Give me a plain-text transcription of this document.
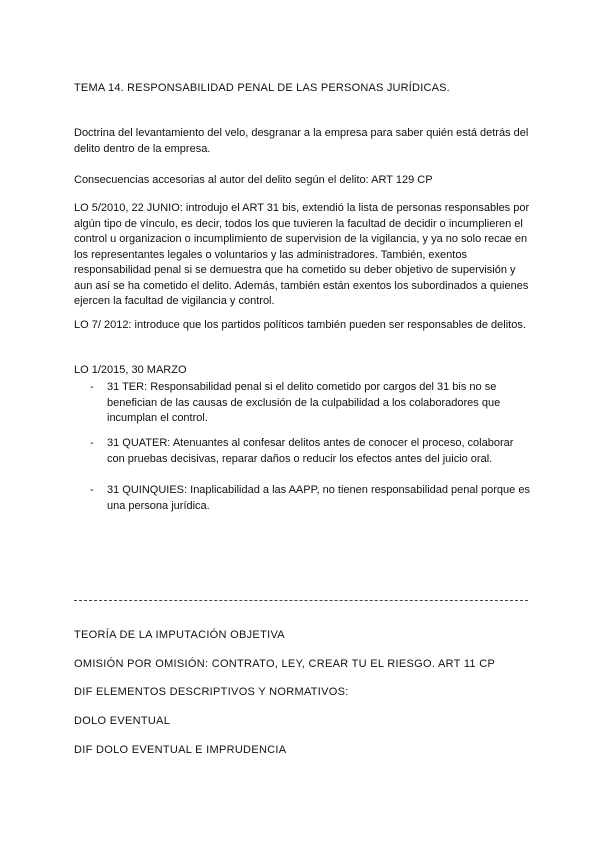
TEMA 14. RESPONSABILIDAD PENAL DE LAS PERSONAS JURÍDICAS.

Doctrina del levantamiento del velo, desgranar a la empresa para saber quién está detrás del delito dentro de la empresa.

Consecuencias accesorias al autor del delito según el delito: ART 129 CP

LO 5/2010, 22 JUNIO: introdujo el ART 31 bis, extendió la lista de personas responsables por algún tipo de vínculo, es decir, todos los que tuvieren la facultad de decidir o incumplieren el control u organizacion o incumplimiento de supervision de la vigilancia, y ya no solo recae en los representantes legales o voluntarios y las administradores. También, exentos responsabilidad penal si se demuestra que ha cometido su deber objetivo de supervisión y aun así se ha cometido el delito. Además, también están exentos los subordinados a quienes ejercen la facultad de vigilancia y control.

LO 7/ 2012: introduce que los partidos políticos también pueden ser responsables de delitos.

LO 1/2015, 30 MARZO

- 31 TER: Responsabilidad penal si el delito cometido por cargos del 31 bis no se benefician de las causas de exclusión de la culpabilidad a los colaboradores que incumplan el control.
- 31 QUATER: Atenuantes al confesar delitos antes de conocer el proceso, colaborar con pruebas decisivas, reparar daños o reducir los efectos antes del juicio oral.
- 31 QUINQUIES: Inaplicabilidad a las AAPP, no tienen responsabilidad penal porque es una persona jurídica.

TEORÍA DE LA IMPUTACIÓN OBJETIVA

OMISIÓN POR OMISIÓN: CONTRATO, LEY, CREAR TU EL RIESGO. ART 11 CP

DIF ELEMENTOS DESCRIPTIVOS Y NORMATIVOS:

DOLO EVENTUAL

DIF DOLO EVENTUAL E IMPRUDENCIA
